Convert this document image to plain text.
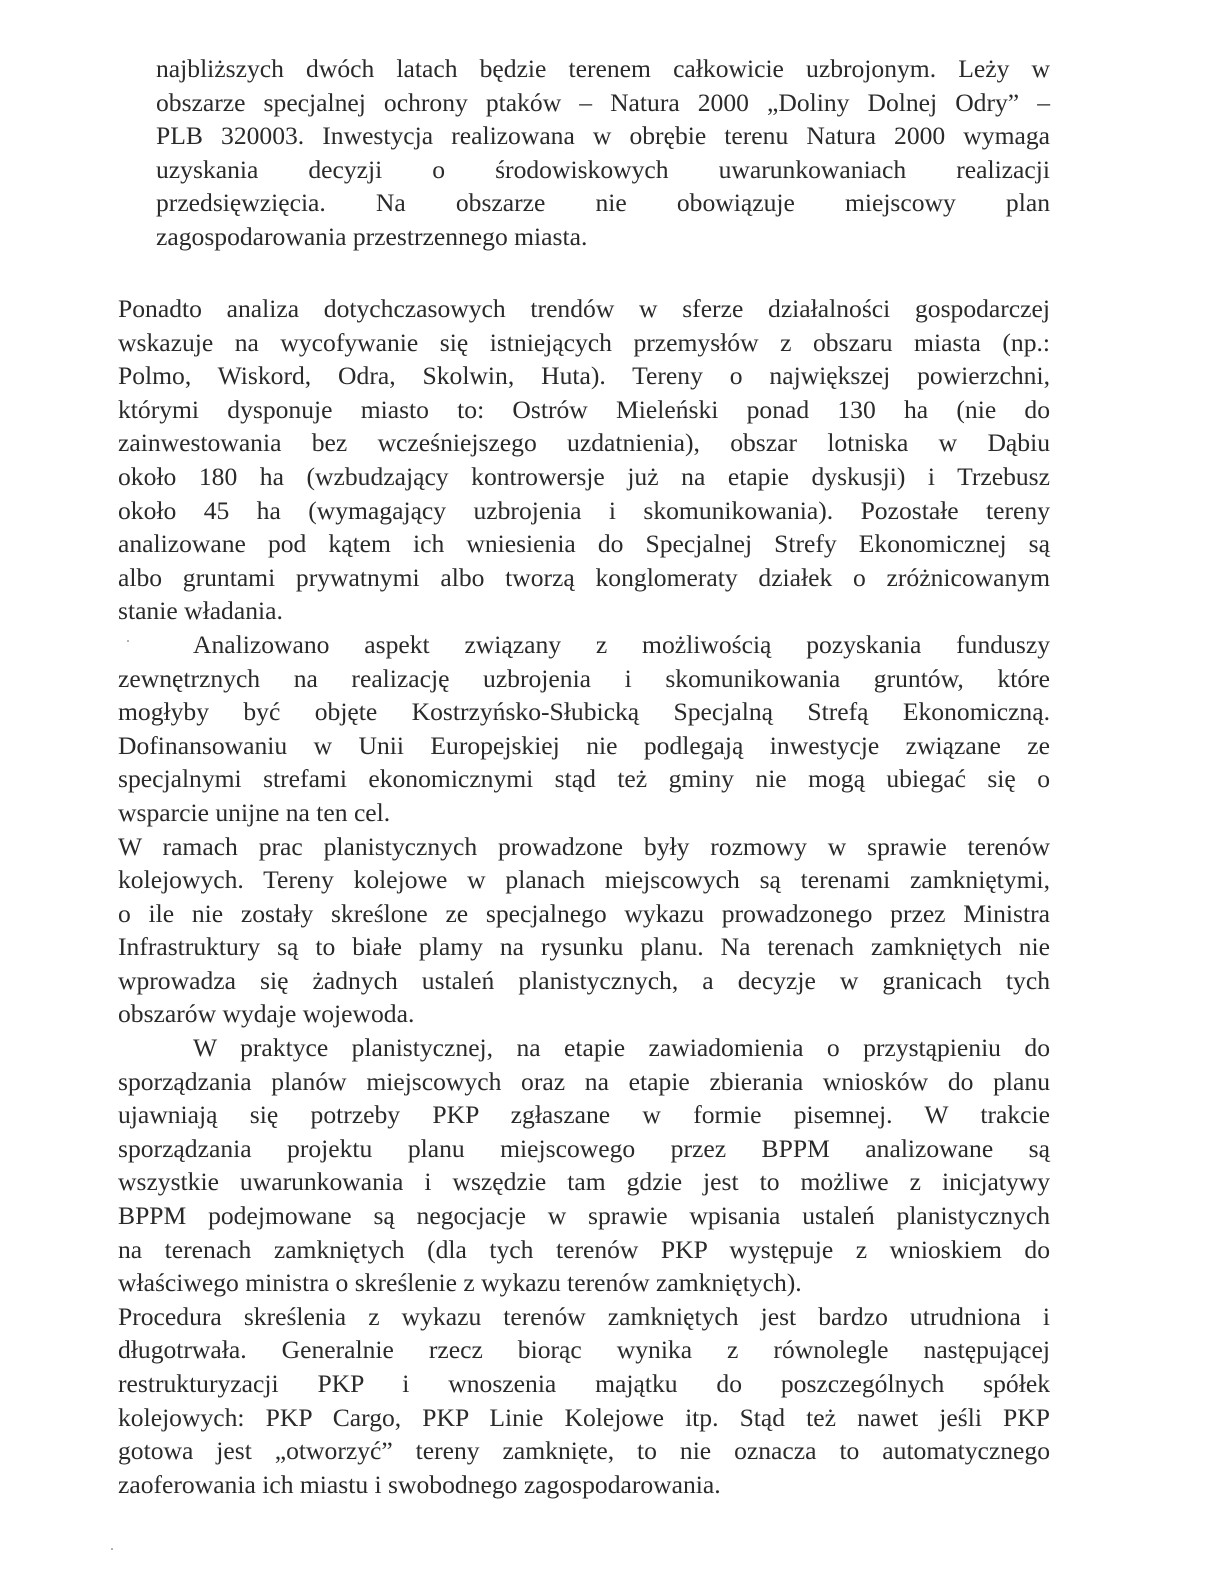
najbliższych dwóch latach będzie terenem całkowicie uzbrojonym. Leży w
obszarze specjalnej ochrony ptaków – Natura 2000 „Doliny Dolnej Odry” –
PLB 320003. Inwestycja realizowana w obrębie terenu Natura 2000 wymaga
uzyskania decyzji o środowiskowych uwarunkowaniach realizacji
przedsięwzięcia. Na obszarze nie obowiązuje miejscowy plan
zagospodarowania przestrzennego miasta.
Ponadto analiza dotychczasowych trendów w sferze działalności gospodarczej
wskazuje na wycofywanie się istniejących przemysłów z obszaru miasta (np.:
Polmo, Wiskord, Odra, Skolwin, Huta). Tereny o największej powierzchni,
którymi dysponuje miasto to: Ostrów Mieleński ponad 130 ha (nie do
zainwestowania bez wcześniejszego uzdatnienia), obszar lotniska w Dąbiu
około 180 ha (wzbudzający kontrowersje już na etapie dyskusji) i Trzebusz
około 45 ha (wymagający uzbrojenia i skomunikowania). Pozostałe tereny
analizowane pod kątem ich wniesienia do Specjalnej Strefy Ekonomicznej są
albo gruntami prywatnymi albo tworzą konglomeraty działek o zróżnicowanym
stanie władania.
Analizowano aspekt związany z możliwością pozyskania funduszy
zewnętrznych na realizację uzbrojenia i skomunikowania gruntów, które
mogłyby być objęte Kostrzyńsko-Słubicką Specjalną Strefą Ekonomiczną.
Dofinansowaniu w Unii Europejskiej nie podlegają inwestycje związane ze
specjalnymi strefami ekonomicznymi stąd też gminy nie mogą ubiegać się o
wsparcie unijne na ten cel.
W ramach prac planistycznych prowadzone były rozmowy w sprawie terenów
kolejowych. Tereny kolejowe w planach miejscowych są terenami zamkniętymi,
o ile nie zostały skreślone ze specjalnego wykazu prowadzonego przez Ministra
Infrastruktury są to białe plamy na rysunku planu. Na terenach zamkniętych nie
wprowadza się żadnych ustaleń planistycznych, a decyzje w granicach tych
obszarów wydaje wojewoda.
W praktyce planistycznej, na etapie zawiadomienia o przystąpieniu do
sporządzania planów miejscowych oraz na etapie zbierania wniosków do planu
ujawniają się potrzeby PKP zgłaszane w formie pisemnej. W trakcie
sporządzania projektu planu miejscowego przez BPPM analizowane są
wszystkie uwarunkowania i wszędzie tam gdzie jest to możliwe z inicjatywy
BPPM podejmowane są negocjacje w sprawie wpisania ustaleń planistycznych
na terenach zamkniętych (dla tych terenów PKP występuje z wnioskiem do
właściwego ministra o skreślenie z wykazu terenów zamkniętych).
Procedura skreślenia z wykazu terenów zamkniętych jest bardzo utrudniona i
długotrwała. Generalnie rzecz biorąc wynika z równolegle następującej
restrukturyzacji PKP i wnoszenia majątku do poszczególnych spółek
kolejowych: PKP Cargo, PKP Linie Kolejowe itp. Stąd też nawet jeśli PKP
gotowa jest „otworzyć” tereny zamknięte, to nie oznacza to automatycznego
zaoferowania ich miastu i swobodnego zagospodarowania.
